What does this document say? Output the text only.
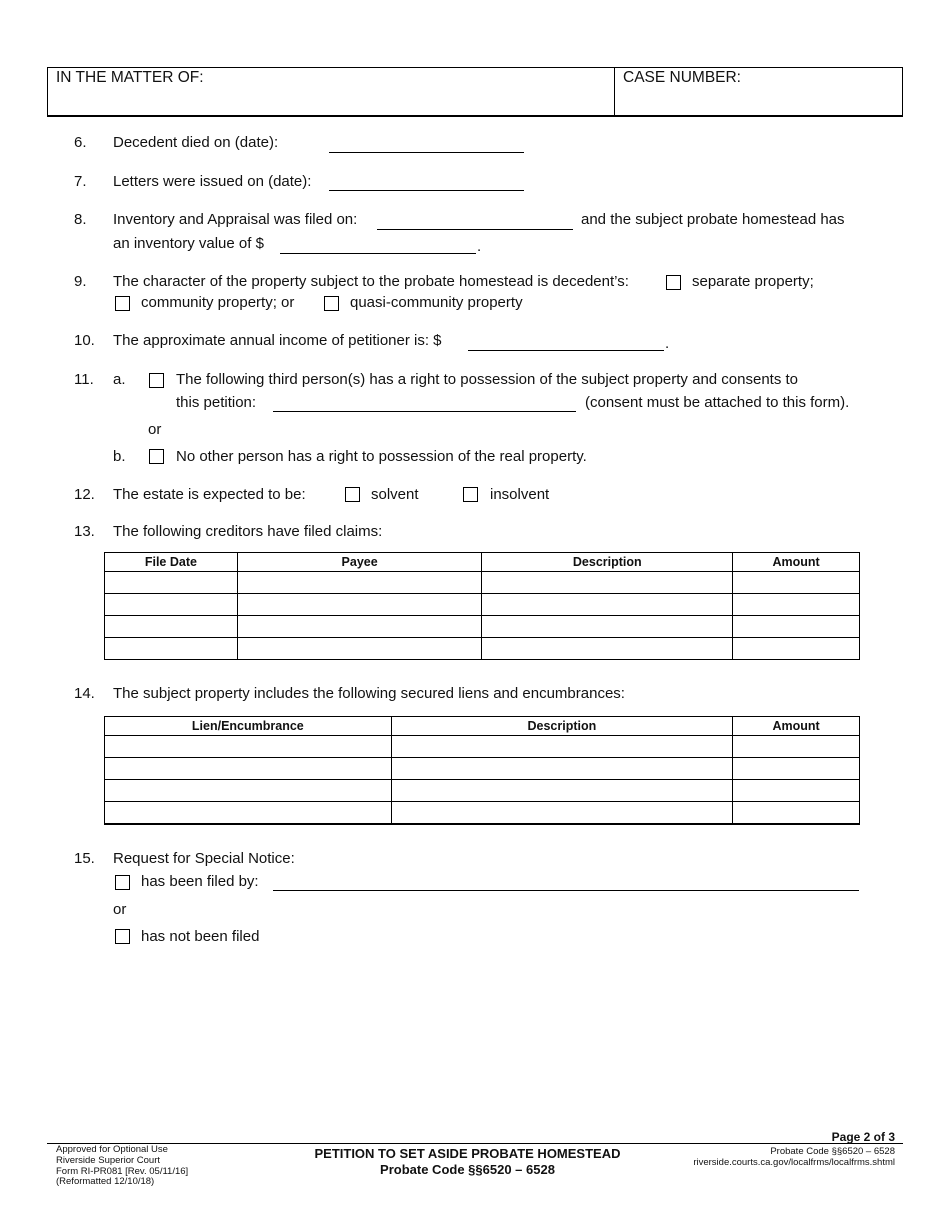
IN THE MATTER OF:	CASE NUMBER:
6. Decedent died on (date):
7. Letters were issued on (date):
8. Inventory and Appraisal was filed on:	and the subject probate homestead has
an inventory value of $	.
9. The character of the property subject to the probate homestead is decedent’s:	separate property;
community property; or	quasi-community property
10. The approximate annual income of petitioner is: $	.
11. a.	The following third person(s) has a right to possession of the subject property and consents to
this petition:	(consent must be attached to this form).
or
b.	No other person has a right to possession of the real property.
12. The estate is expected to be:	solvent	insolvent
13. The following creditors have filed claims:
File Date	Payee	Description	Amount

14. The subject property includes the following secured liens and encumbrances:
Lien/Encumbrance	Description	Amount

15. Request for Special Notice:
has been filed by:
or
has not been filed
Approved for Optional Use
Riverside Superior Court
Form RI-PR081 [Rev. 05/11/16]
(Reformatted 12/10/18)
PETITION TO SET ASIDE PROBATE HOMESTEAD
Probate Code §§6520 – 6528
Page 2 of 3
Probate Code §§6520 – 6528
riverside.courts.ca.gov/localfrms/localfrms.shtml
